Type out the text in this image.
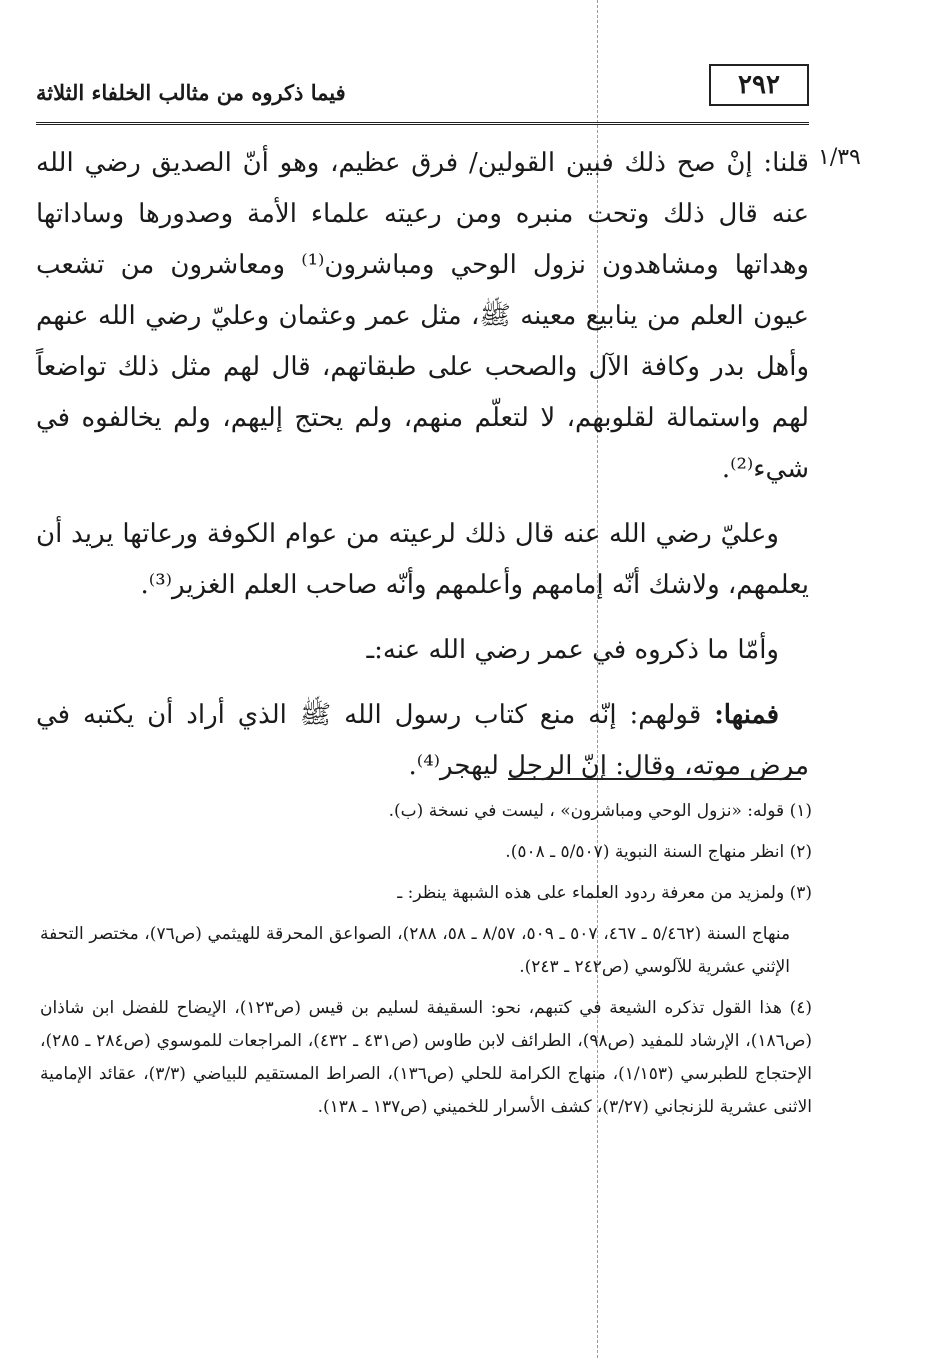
٢٩٢
فيما ذكروه من مثالب الخلفاء الثلاثة
١/٣٩

قلنا: إنْ صح ذلك فبين القولين/ فرق عظيم، وهو أنّ الصديق رضي الله عنه قال ذلك وتحت منبره ومن رعيته علماء الأمة وصدورها وساداتها وهداتها ومشاهدون نزول الوحي ومباشرون⁽¹⁾ ومعاشرون من تشعب عيون العلم من ينابيع معينه ﷺ، مثل عمر وعثمان وعليّ رضي الله عنهم وأهل بدر وكافة الآل والصحب على طبقاتهم، قال لهم مثل ذلك تواضعاً لهم واستمالة لقلوبهم، لا لتعلّم منهم، ولم يحتج إليهم، ولم يخالفوه في شيء⁽²⁾.

وعليّ رضي الله عنه قال ذلك لرعيته من عوام الكوفة ورعاتها يريد أن يعلمهم، ولاشك أنّه إمامهم وأعلمهم وأنّه صاحب العلم الغزير⁽³⁾.

وأمّا ما ذكروه في عمر رضي الله عنه:ـ

فمنها: قولهم: إنّه منع كتاب رسول الله ﷺ الذي أراد أن يكتبه في مرض موته، وقال: إنّ الرجل ليهجر⁽⁴⁾.

(١) قوله: «نزول الوحي ومباشرون» ، ليست في نسخة (ب).
(٢) انظر منهاج السنة النبوية (٥/٥٠٧ ـ ٥٠٨).
(٣) ولمزيد من معرفة ردود العلماء على هذه الشبهة ينظر: ـ
منهاج السنة (٥/٤٦٢ ـ ٤٦٧، ٥٠٧ ـ ٥٠٩، ٨/٥٧ ـ ٥٨، ٢٨٨)، الصواعق المحرقة للهيثمي (ص٧٦)، مختصر التحفة الإثني عشرية للآلوسي (ص٢٤٢ ـ ٢٤٣).
(٤) هذا القول تذكره الشيعة في كتبهم، نحو: السقيفة لسليم بن قيس (ص١٢٣)، الإيضاح للفضل ابن شاذان (ص١٨٦)، الإرشاد للمفيد (ص٩٨)، الطرائف لابن طاوس (ص٤٣١ ـ ٤٣٢)، المراجعات للموسوي (ص٢٨٤ ـ ٢٨٥)، الإحتجاج للطبرسي (١/١٥٣)، منهاج الكرامة للحلي (ص١٣٦)، الصراط المستقيم للبياضي (٣/٣)، عقائد الإمامية الاثنى عشرية للزنجاني (٣/٢٧)، كشف الأسرار للخميني (ص١٣٧ ـ ١٣٨).
